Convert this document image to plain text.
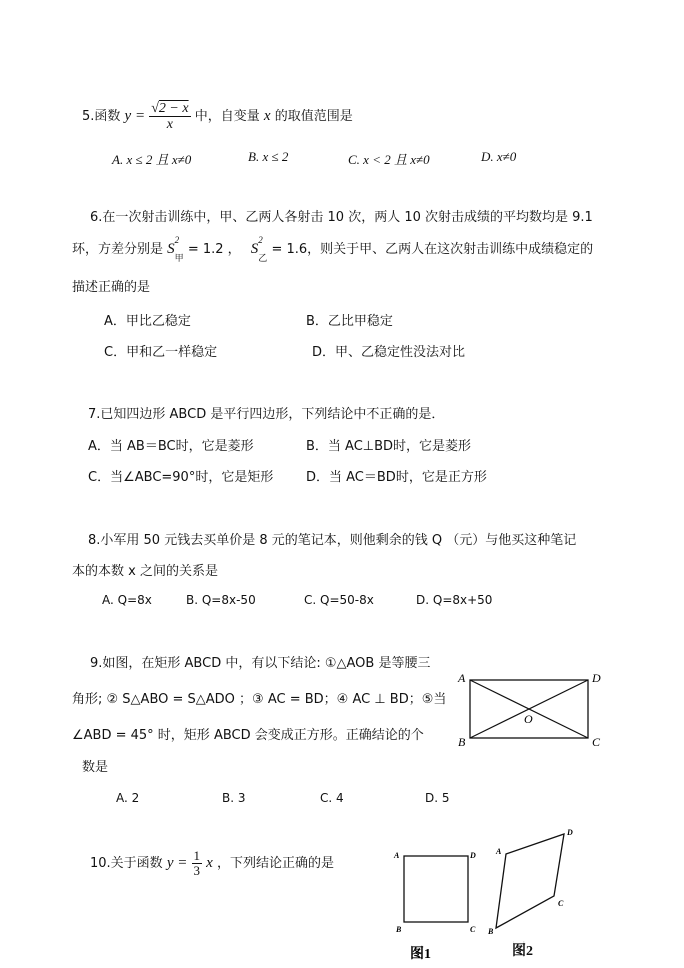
5.函数 $y = \frac{√2 - x}{x}$ 中，自变量 x 的取值范围是
A. x ≤ 2 且 x≠0	B. x ≤ 2	C. x < 2 且 x≠0	D. x≠0
6.在一次射击训练中，甲、乙两人各射击 10 次，两人 10 次射击成绩的平均数均是 9.1
环，方差分别是 S
2
$_甲$ = 1.2 ， S
2
$_乙$ = 1.6，则关于甲、乙两人在这次射击训练中成绩稳定的
描述正确的是
A．甲比乙稳定	B．乙比甲稳定
C．甲和乙一样稳定	D．甲、乙稳定性没法对比
7.已知四边形 ABCD 是平行四边形，下列结论中不正确的是．
A．当 AB＝BC时，它是菱形	B．当 AC⊥BD时，它是菱形
C．当∠ABC=90°时，它是矩形	D．当 AC＝BD时，它是正方形
8.小军用 50 元钱去买单价是 8 元的笔记本，则他剩余的钱 Q （元）与他买这种笔记
本的本数 x 之间的关系是
A. Q=8x	B. Q=8x-50	C. Q=50-8x	D. Q=8x+50
9.如图，在矩形 ABCD 中，有以下结论: ①△AOB 是等腰三
角形; ② S△ABO = S△ADO ；③ AC = BD；④ AC ⊥ BD；⑤当
∠ABD = 45° 时，矩形 ABCD 会变成正方形。正确结论的个
数是
A. 2	B. 3	C. 4	D. 5
A	D
B	C
O
10.关于函数 $y = \frac{1}{3}$ x ，下列结论正确的是
A	D
B	C
图1
A
D
B
C
图2
